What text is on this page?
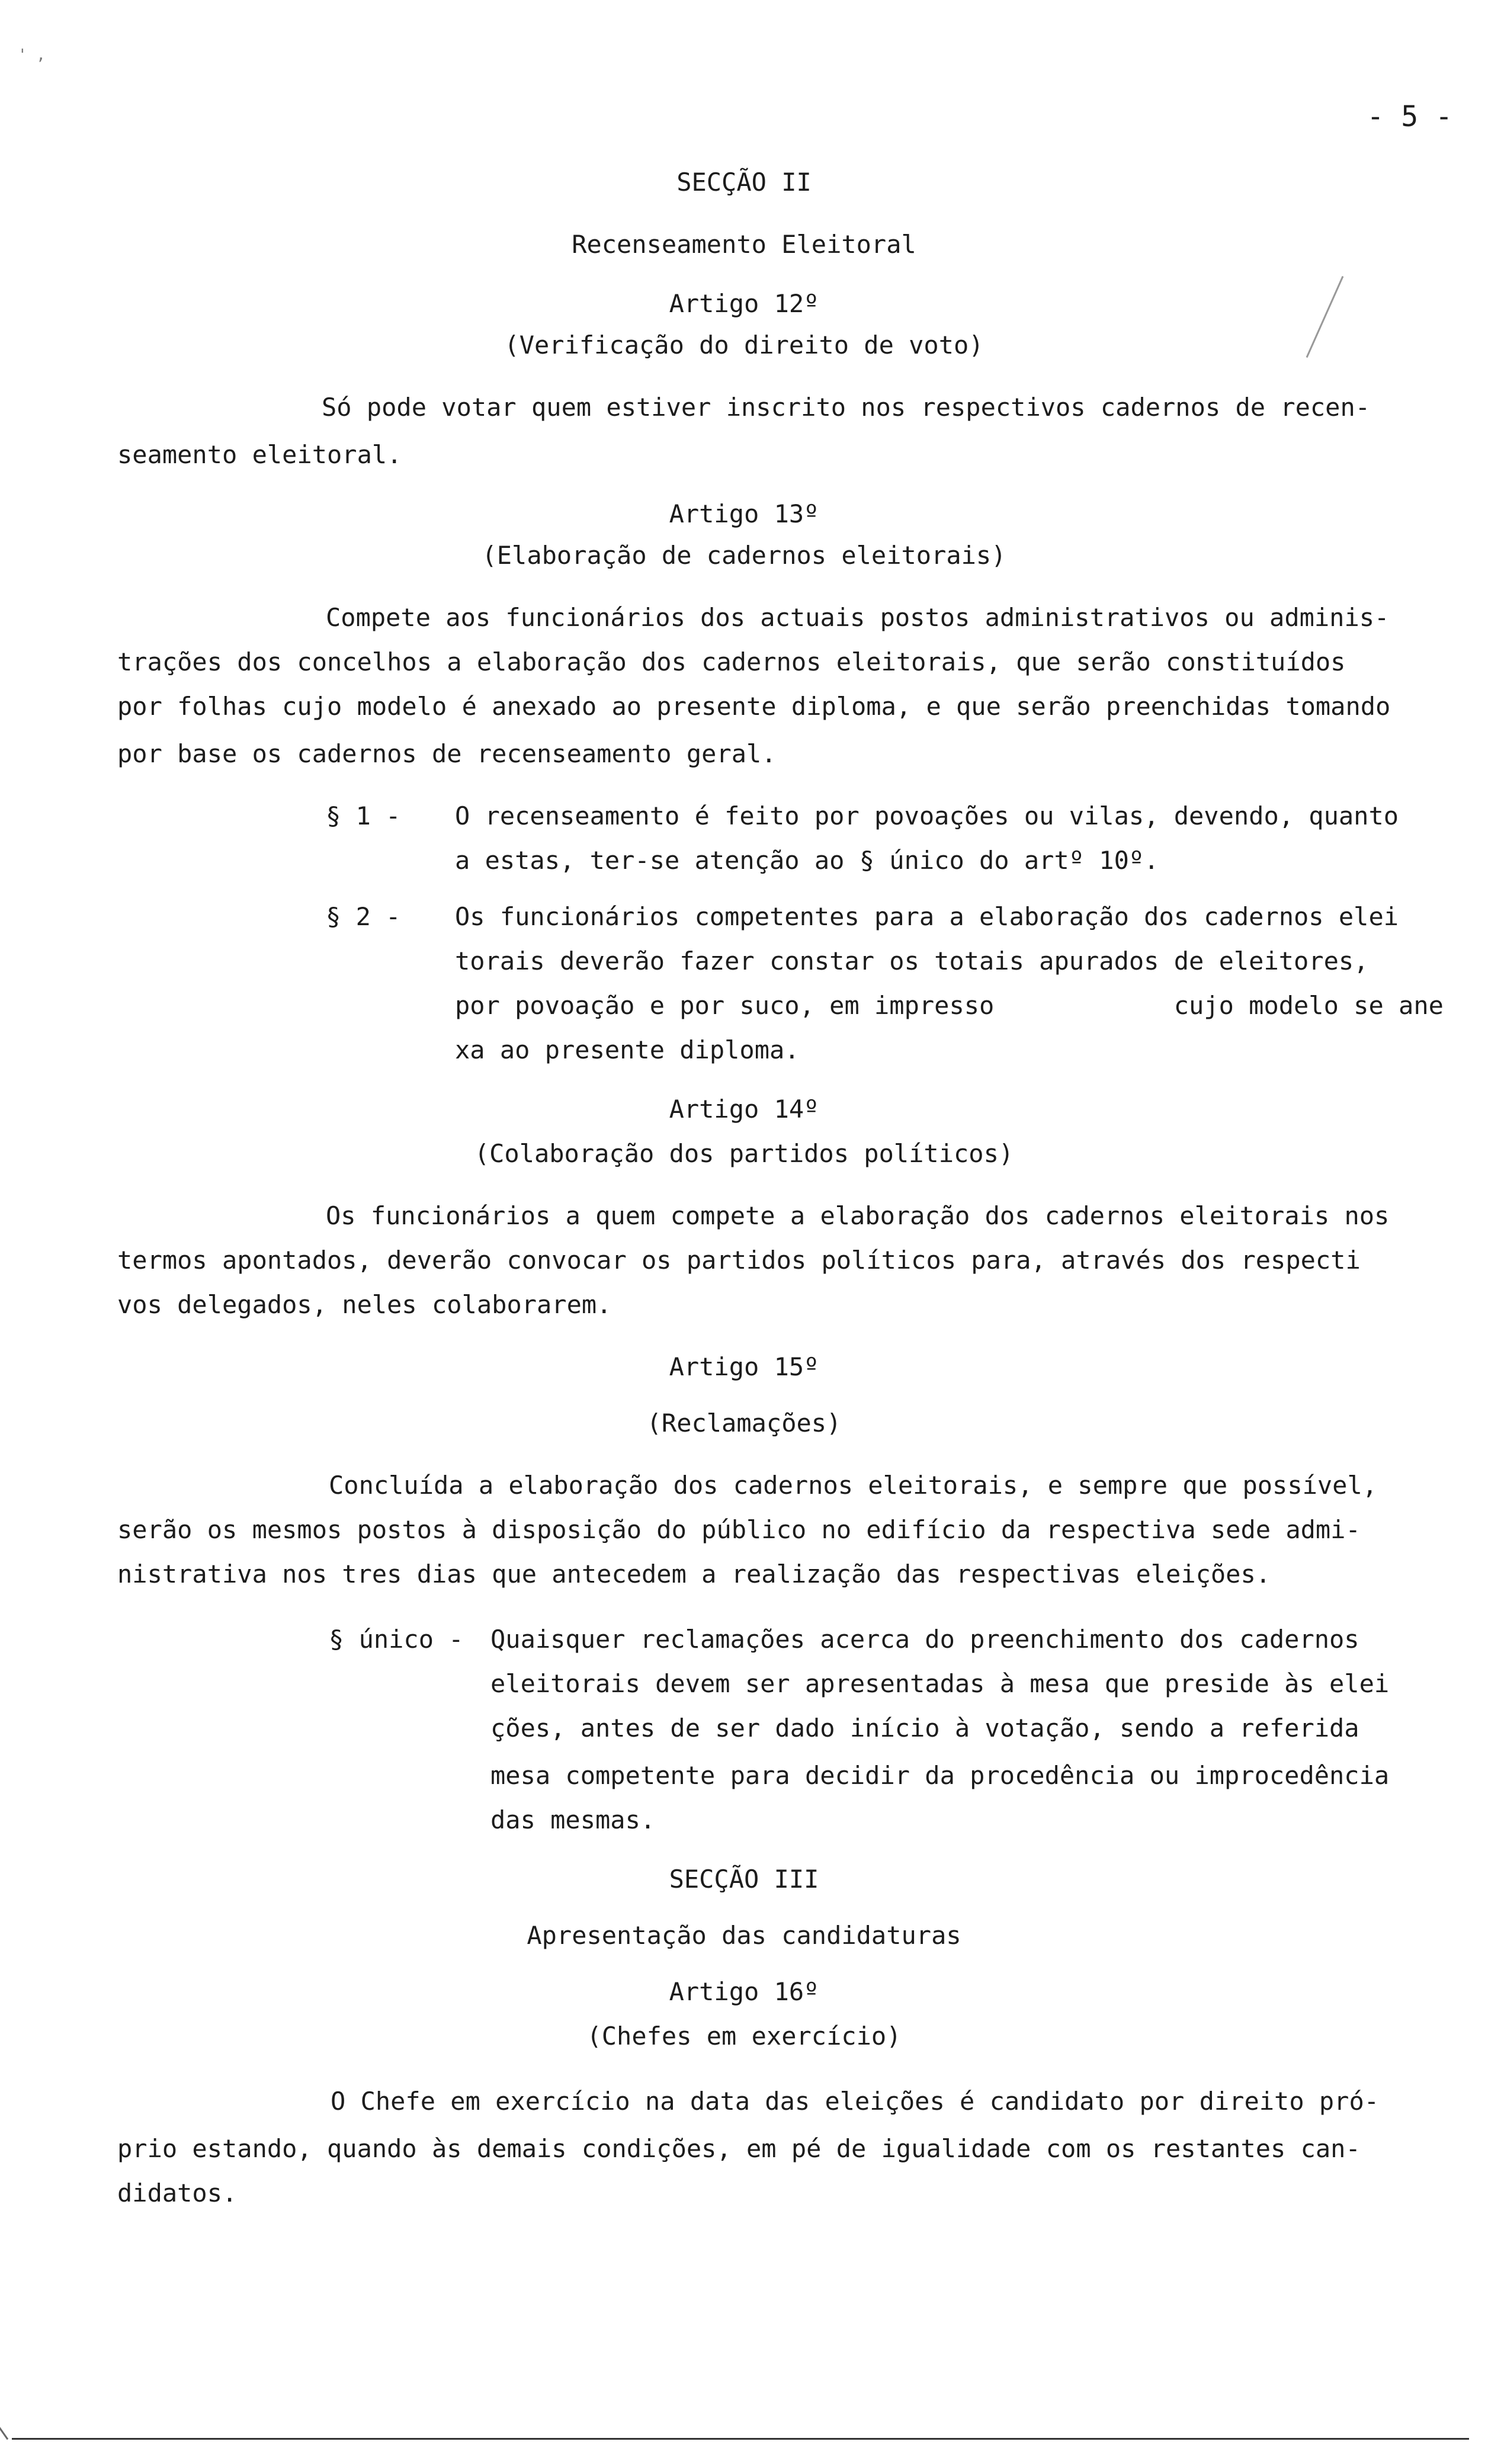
' ,
- 5 -
SECÇÃO II
Recenseamento Eleitoral
Artigo 12º
(Verificação do direito de voto)
Só pode votar quem estiver inscrito nos respectivos cadernos de recen-
seamento eleitoral.
Artigo 13º
(Elaboração de cadernos eleitorais)
Compete aos funcionários dos actuais postos administrativos ou adminis-
trações dos concelhos a elaboração dos cadernos eleitorais, que serão constituídos
por folhas cujo modelo é anexado ao presente diploma, e que serão preenchidas tomando
por base os cadernos de recenseamento geral.
§ 1 - O recenseamento é feito por povoações ou vilas, devendo, quanto
a estas, ter-se atenção ao § único do artº 10º.
§ 2 - Os funcionários competentes para a elaboração dos cadernos elei
torais deverão fazer constar os totais apurados de eleitores,
por povoação e por suco, em impresso            cujo modelo se ane
xa ao presente diploma.
Artigo 14º
(Colaboração dos partidos políticos)
Os funcionários a quem compete a elaboração dos cadernos eleitorais nos
termos apontados, deverão convocar os partidos políticos para, através dos respecti
vos delegados, neles colaborarem.
Artigo 15º
(Reclamações)
Concluída a elaboração dos cadernos eleitorais, e sempre que possível,
serão os mesmos postos à disposição do público no edifício da respectiva sede admi-
nistrativa nos tres dias que antecedem a realização das respectivas eleições.
§ único - Quaisquer reclamações acerca do preenchimento dos cadernos
eleitorais devem ser apresentadas à mesa que preside às elei
ções, antes de ser dado início à votação, sendo a referida
mesa competente para decidir da procedência ou improcedência
das mesmas.
SECÇÃO III
Apresentação das candidaturas
Artigo 16º
(Chefes em exercício)
O Chefe em exercício na data das eleições é candidato por direito pró-
prio estando, quando às demais condições, em pé de igualidade com os restantes can-
didatos.
